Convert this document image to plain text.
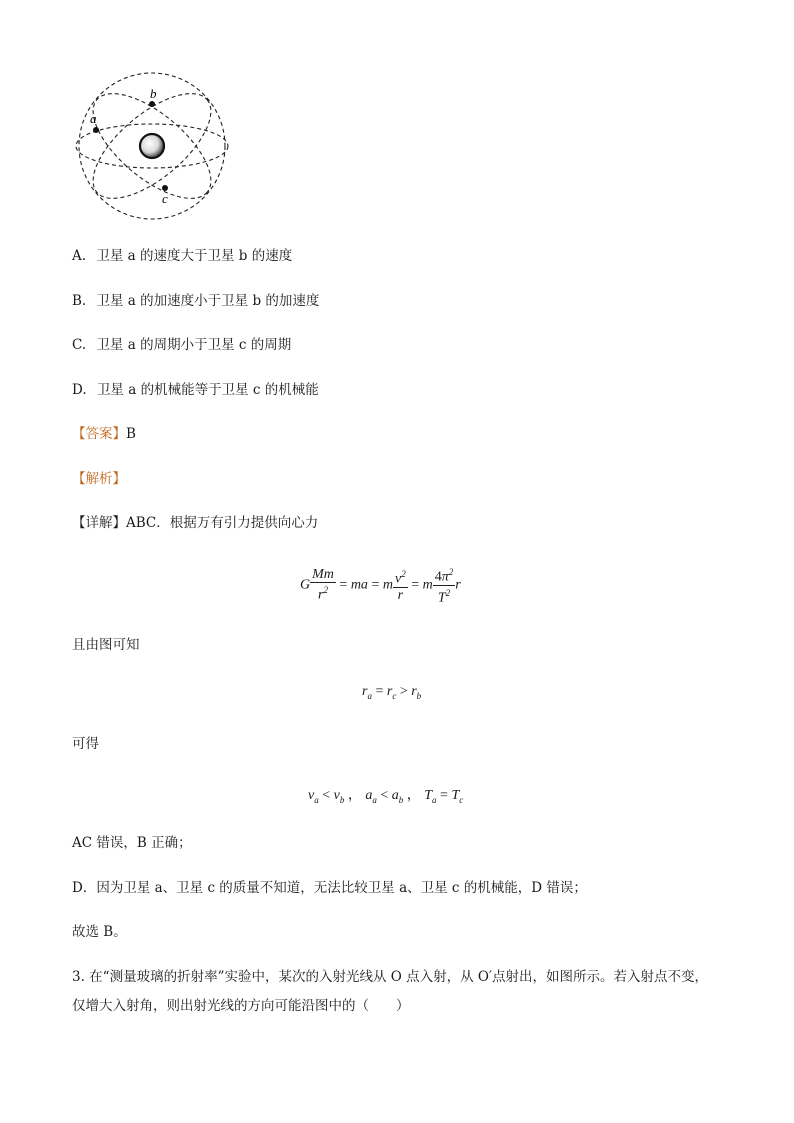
a
b
c
A. 卫星 a 的速度大于卫星 b 的速度
B. 卫星 a 的加速度小于卫星 b 的加速度
C. 卫星 a 的周期小于卫星 c 的周期
D. 卫星 a 的机械能等于卫星 c 的机械能
【答案】B
【解析】
【详解】ABC．根据万有引力提供向心力
G $\frac{Mm}{r^2}$ = ma = m $\frac{v^2}{r} = m \frac{4\pi^2}{T^2}$ r
且由图可知
$r_a = r_c > r_b$
可得
$v_a < v_b$ ， $a_a < a_b$ ， $T_a = T_c$
AC 错误，B 正确；
D．因为卫星 a、卫星 c 的质量不知道，无法比较卫星 a、卫星 c 的机械能，D 错误；
故选 B。
3. 在“测量玻璃的折射率”实验中，某次的入射光线从 O 点入射，从 O′点射出，如图所示。若入射点不变，
仅增大入射角，则出射光线的方向可能沿图中的（　　）
